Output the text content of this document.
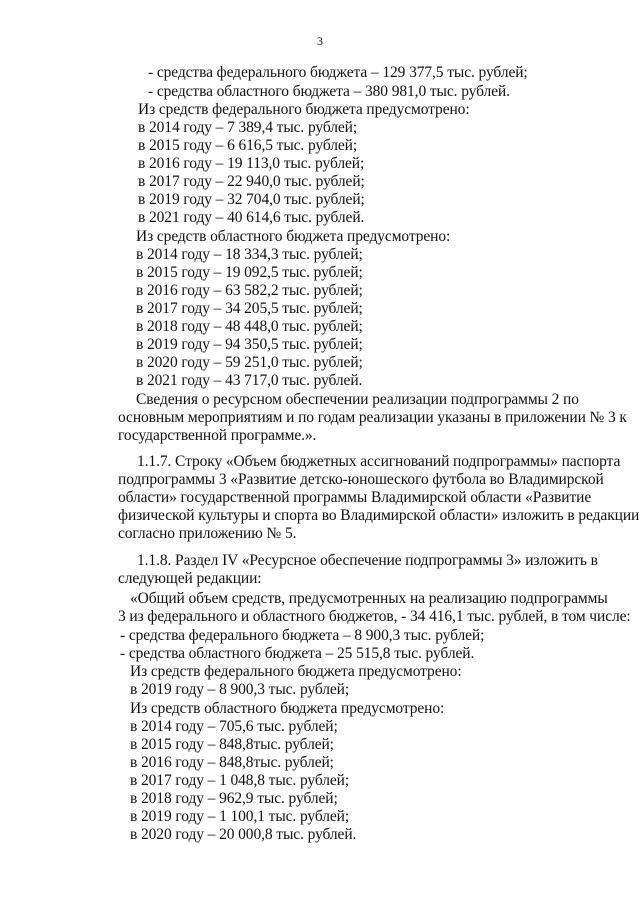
3
- средства федерального бюджета – 129 377,5 тыс. рублей;
- средства областного бюджета – 380 981,0 тыс. рублей.
Из средств федерального бюджета предусмотрено:
в 2014 году – 7 389,4 тыс. рублей;
в 2015 году – 6 616,5 тыс. рублей;
в 2016 году – 19 113,0 тыс. рублей;
в 2017 году – 22 940,0 тыс. рублей;
в 2019 году – 32 704,0 тыс. рублей;
в 2021 году – 40 614,6 тыс. рублей.
Из средств областного бюджета предусмотрено:
в 2014 году – 18 334,3 тыс. рублей;
в 2015 году – 19 092,5 тыс. рублей;
в 2016 году – 63 582,2 тыс. рублей;
в 2017 году – 34 205,5 тыс. рублей;
в 2018 году – 48 448,0 тыс. рублей;
в 2019 году – 94 350,5 тыс. рублей;
в 2020 году – 59 251,0 тыс. рублей;
в 2021 году – 43 717,0 тыс. рублей.
Сведения о ресурсном обеспечении реализации подпрограммы 2 по
основным мероприятиям и по годам реализации указаны в приложении № 3 к
государственной программе.».
1.1.7. Строку «Объем бюджетных ассигнований подпрограммы» паспорта
подпрограммы 3 «Развитие детско-юношеского футбола во Владимирской
области» государственной программы Владимирской области «Развитие
физической культуры и спорта во Владимирской области» изложить в редакции
согласно приложению № 5.
1.1.8. Раздел IV «Ресурсное обеспечение подпрограммы 3» изложить в
следующей редакции:
«Общий объем средств, предусмотренных на реализацию подпрограммы
3 из федерального и областного бюджетов, - 34 416,1 тыс. рублей, в том числе:
- средства федерального бюджета – 8 900,3 тыс. рублей;
- средства областного бюджета – 25 515,8 тыс. рублей.
Из средств федерального бюджета предусмотрено:
в 2019 году – 8 900,3 тыс. рублей;
Из средств областного бюджета предусмотрено:
в 2014 году – 705,6 тыс. рублей;
в 2015 году – 848,8тыс. рублей;
в 2016 году – 848,8тыс. рублей;
в 2017 году – 1 048,8 тыс. рублей;
в 2018 году – 962,9 тыс. рублей;
в 2019 году – 1 100,1 тыс. рублей;
в 2020 году – 20 000,8 тыс. рублей.
